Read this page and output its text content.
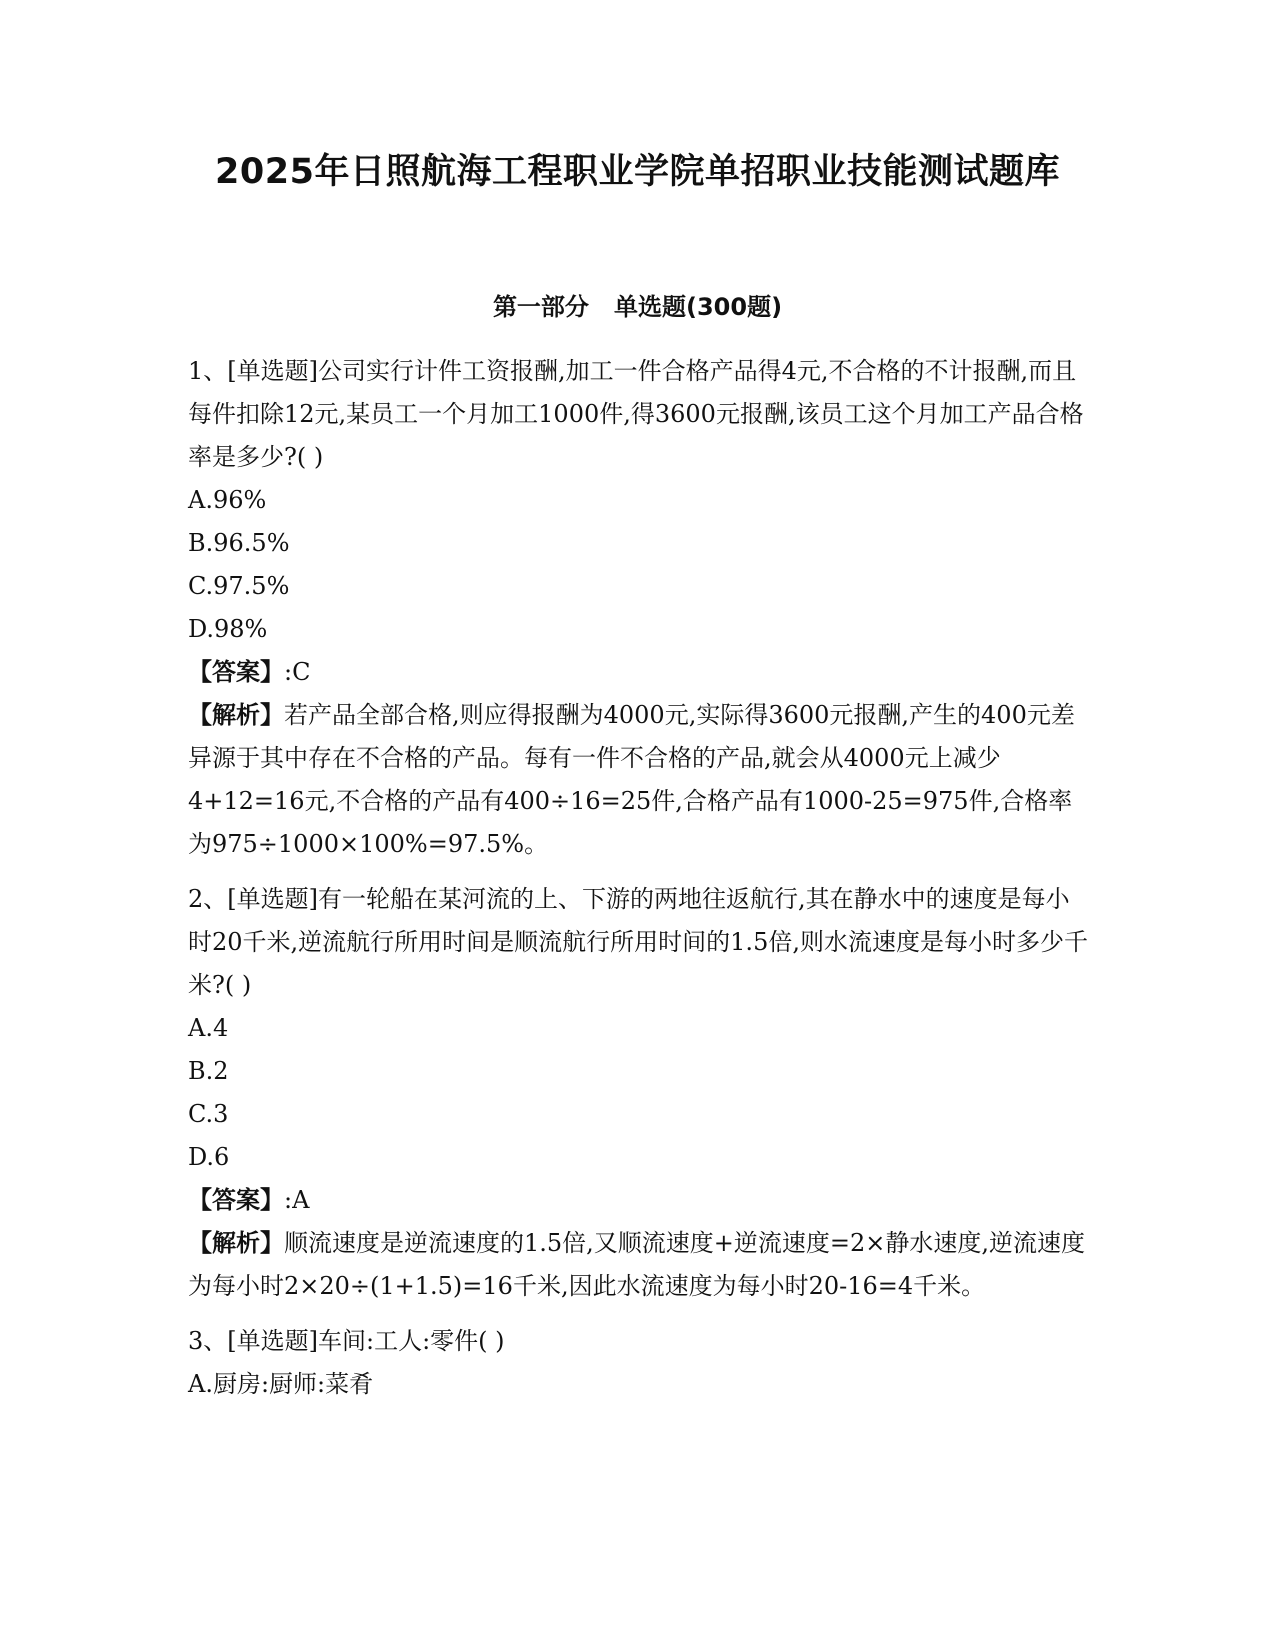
2025年日照航海工程职业学院单招职业技能测试题库
第一部分   单选题(300题)

1、[单选题]公司实行计件工资报酬,加工一件合格产品得4元,不合格的不计报酬,而且每件扣除12元,某员工一个月加工1000件,得3600元报酬,该员工这个月加工产品合格率是多少?( )

A.96%

B.96.5%

C.97.5%

D.98%

【答案】:C

【解析】若产品全部合格,则应得报酬为4000元,实际得3600元报酬,产生的400元差异源于其中存在不合格的产品。每有一件不合格的产品,就会从4000元上减少4+12=16元,不合格的产品有400÷16=25件,合格产品有1000-25=975件,合格率为975÷1000×100%=97.5%。

2、[单选题]有一轮船在某河流的上、下游的两地往返航行,其在静水中的速度是每小时20千米,逆流航行所用时间是顺流航行所用时间的1.5倍,则水流速度是每小时多少千米?( )

A.4

B.2

C.3

D.6

【答案】:A

【解析】顺流速度是逆流速度的1.5倍,又顺流速度+逆流速度=2×静水速度,逆流速度为每小时2×20÷(1+1.5)=16千米,因此水流速度为每小时20-16=4千米。

3、[单选题]车间:工人:零件( )

A.厨房:厨师:菜肴
